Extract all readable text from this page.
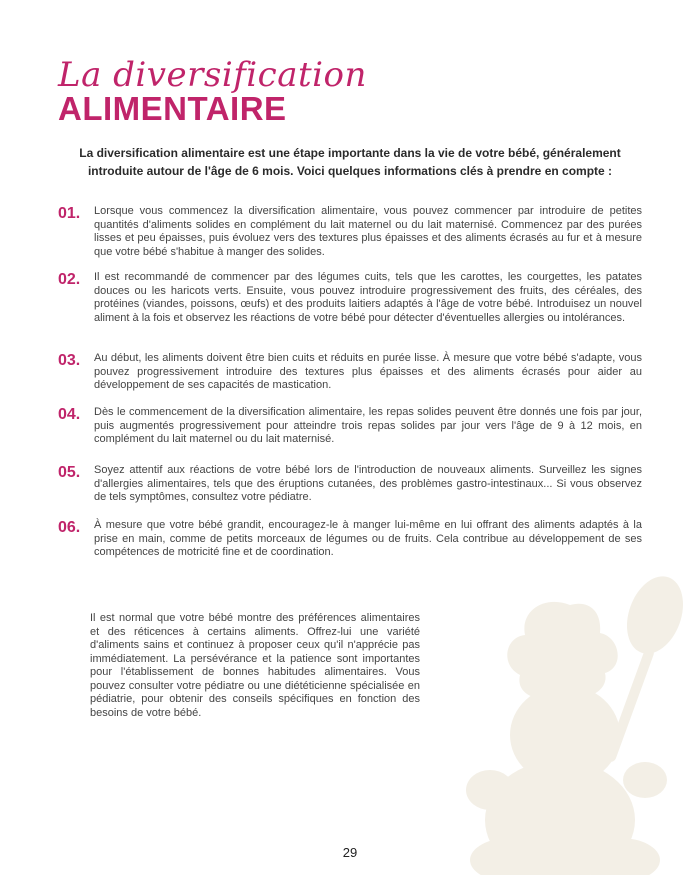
La diversification
ALIMENTAIRE
La diversification alimentaire est une étape importante dans la vie de votre bébé, généralement introduite autour de l'âge de 6 mois. Voici quelques informations clés à prendre en compte :
01. Lorsque vous commencez la diversification alimentaire, vous pouvez commencer par introduire de petites quantités d'aliments solides en complément du lait maternel ou du lait maternisé. Commencez par des purées lisses et peu épaisses, puis évoluez vers des textures plus épaisses et des aliments écrasés au fur et à mesure que votre bébé s'habitue à manger des solides.
02. Il est recommandé de commencer par des légumes cuits, tels que les carottes, les courgettes, les patates douces ou les haricots verts. Ensuite, vous pouvez introduire progressivement des fruits, des céréales, des protéines (viandes, poissons, œufs) et des produits laitiers adaptés à l'âge de votre bébé. Introduisez un nouvel aliment à la fois et observez les réactions de votre bébé pour détecter d'éventuelles allergies ou intolérances.
03. Au début, les aliments doivent être bien cuits et réduits en purée lisse. À mesure que votre bébé s'adapte, vous pouvez progressivement introduire des textures plus épaisses et des aliments écrasés pour aider au développement de ses capacités de mastication.
04. Dès le commencement de la diversification alimentaire, les repas solides peuvent être donnés une fois par jour, puis augmentés progressivement pour atteindre trois repas solides par jour vers l'âge de 9 à 12 mois, en complément du lait maternel ou du lait maternisé.
05. Soyez attentif aux réactions de votre bébé lors de l'introduction de nouveaux aliments. Surveillez les signes d'allergies alimentaires, tels que des éruptions cutanées, des problèmes gastro-intestinaux... Si vous observez de tels symptômes, consultez votre pédiatre.
06. À mesure que votre bébé grandit, encouragez-le à manger lui-même en lui offrant des aliments adaptés à la prise en main, comme de petits morceaux de légumes ou de fruits. Cela contribue au développement de ses compétences de motricité fine et de coordination.
Il est normal que votre bébé montre des préférences alimentaires et des réticences à certains aliments. Offrez-lui une variété d'aliments sains et continuez à proposer ceux qu'il n'apprécie pas immédiatement. La persévérance et la patience sont importantes pour l'établissement de bonnes habitudes alimentaires. Vous pouvez consulter votre pédiatre ou une diététicienne spécialisée en pédiatrie, pour obtenir des conseils spécifiques en fonction des besoins de votre bébé.
29
